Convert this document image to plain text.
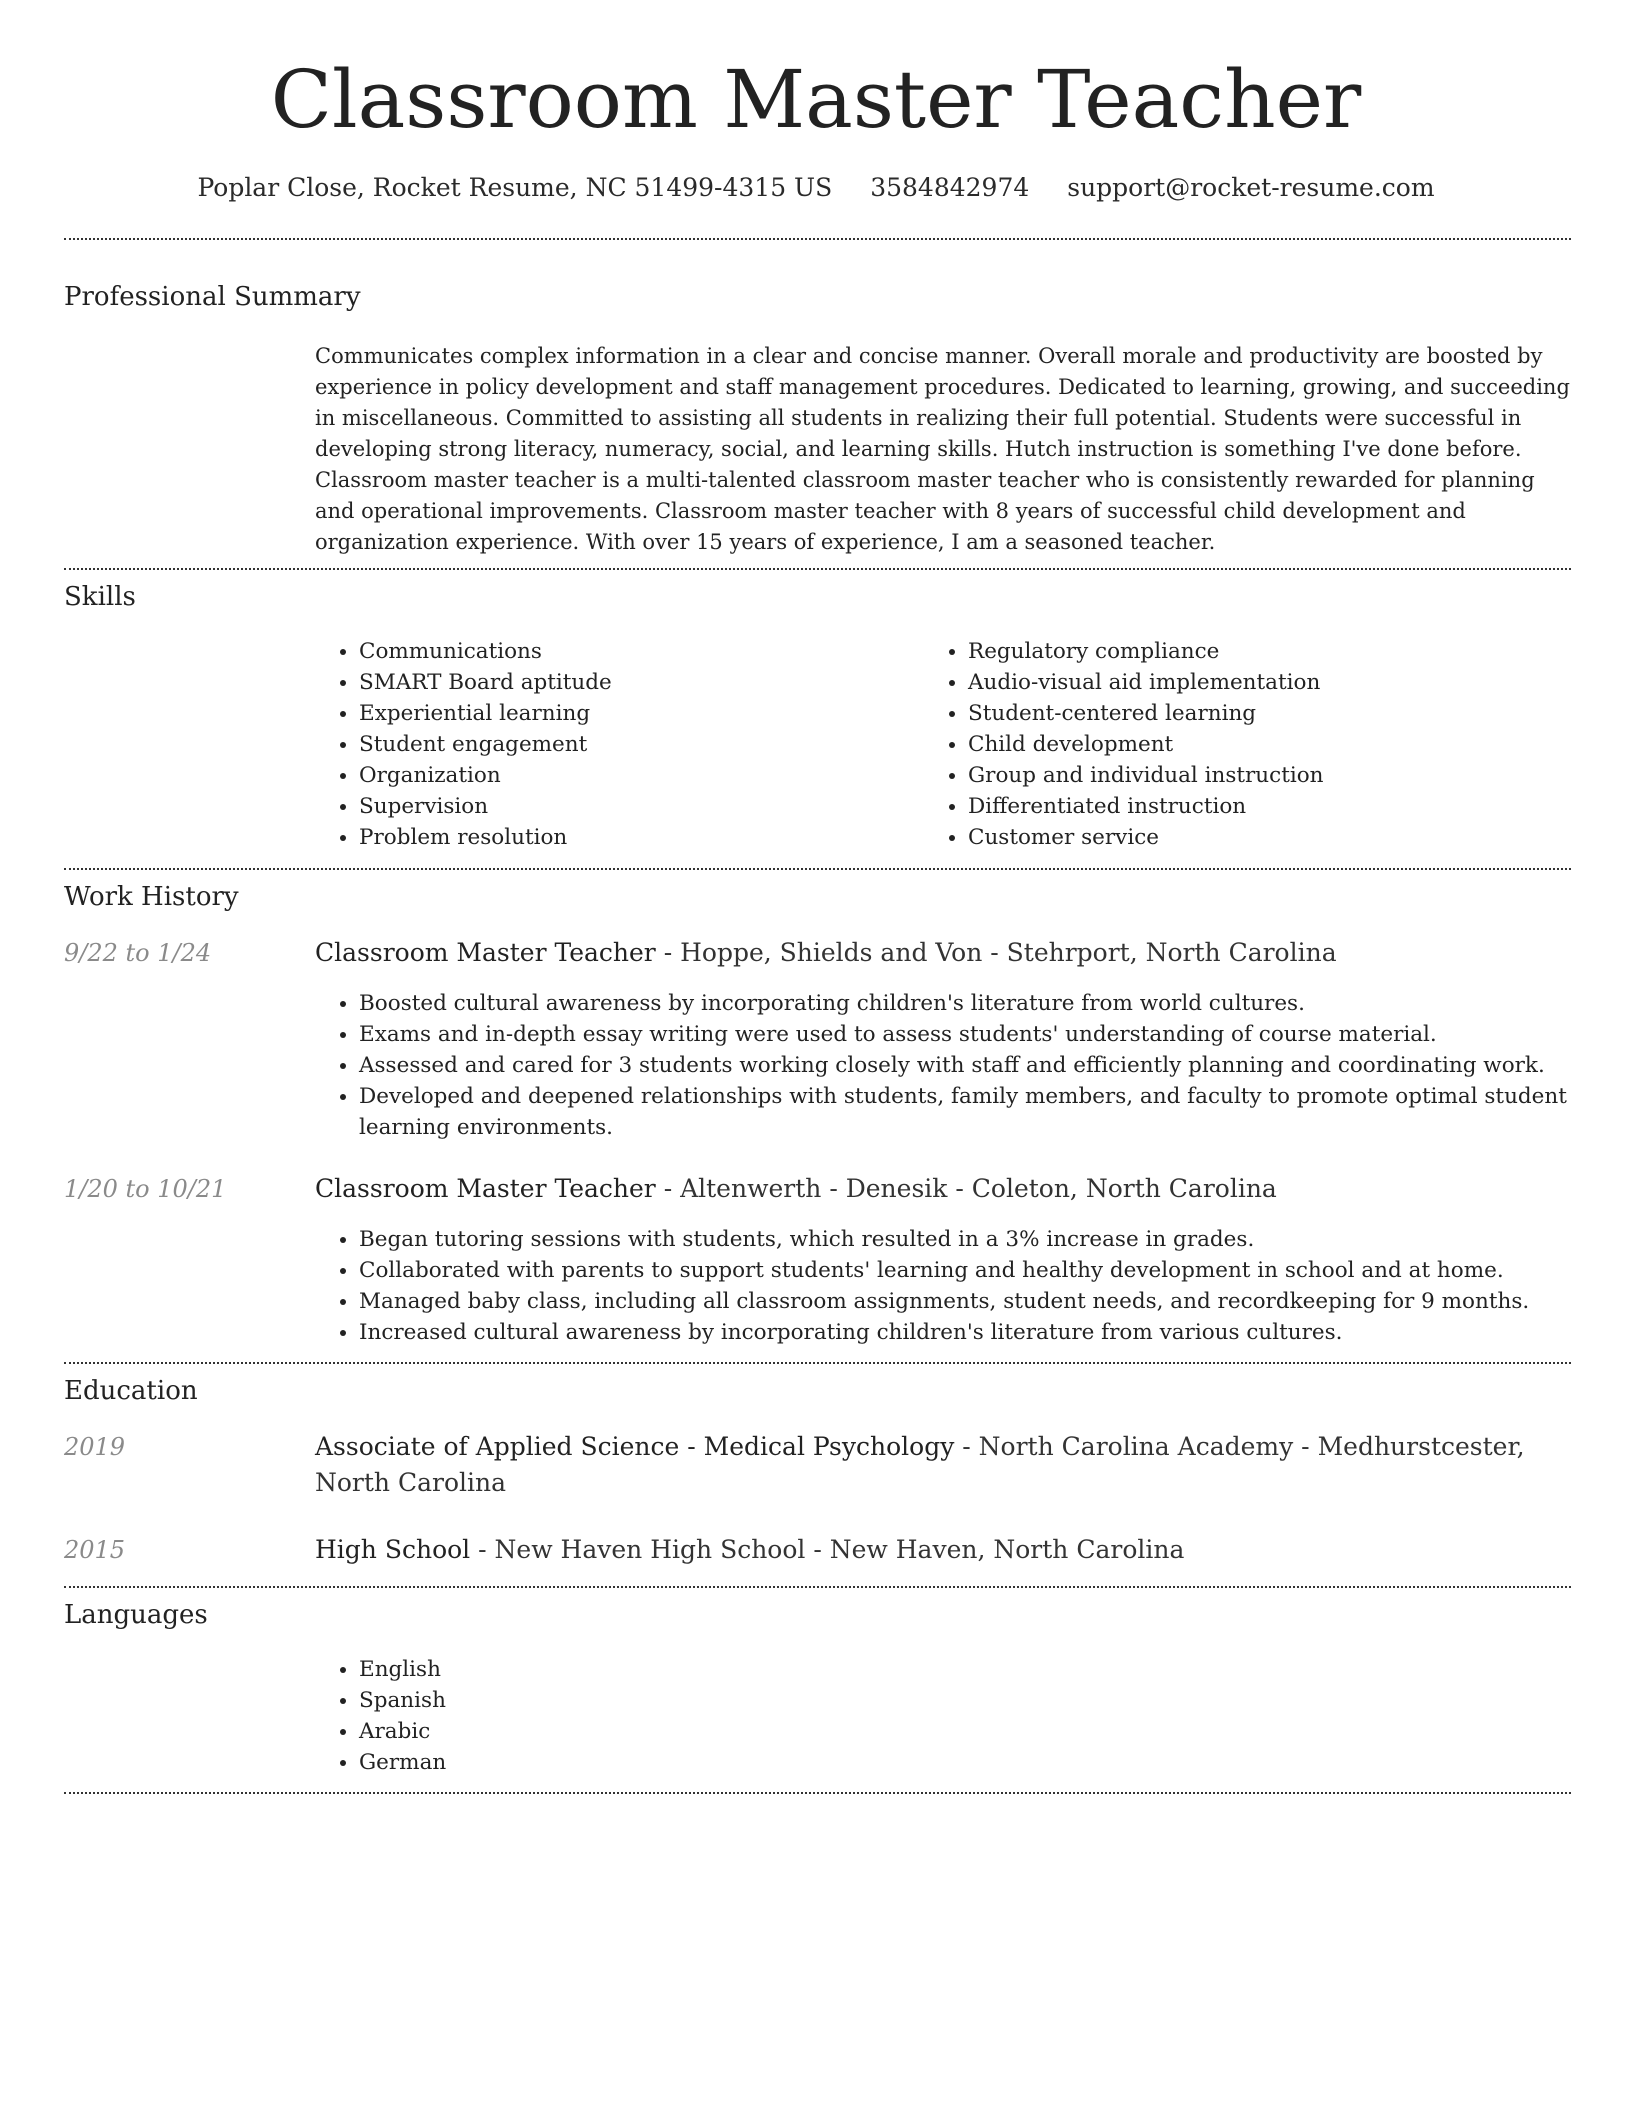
Classroom Master Teacher
Poplar Close, Rocket Resume, NC 51499-4315 US 3584842974 support@rocket-resume.com
Professional Summary
Communicates complex information in a clear and concise manner. Overall morale and productivity are boosted by experience in policy development and staff management procedures. Dedicated to learning, growing, and succeeding in miscellaneous. Committed to assisting all students in realizing their full potential. Students were successful in developing strong literacy, numeracy, social, and learning skills. Hutch instruction is something I've done before. Classroom master teacher is a multi-talented classroom master teacher who is consistently rewarded for planning and operational improvements. Classroom master teacher with 8 years of successful child development and organization experience. With over 15 years of experience, I am a seasoned teacher.
Skills
• Communications
• SMART Board aptitude
• Experiential learning
• Student engagement
• Organization
• Supervision
• Problem resolution
• Regulatory compliance
• Audio-visual aid implementation
• Student-centered learning
• Child development
• Group and individual instruction
• Differentiated instruction
• Customer service
Work History
9/22 to 1/24	Classroom Master Teacher - Hoppe, Shields and Von - Stehrport, North Carolina
• Boosted cultural awareness by incorporating children's literature from world cultures.
• Exams and in-depth essay writing were used to assess students' understanding of course material.
• Assessed and cared for 3 students working closely with staff and efficiently planning and coordinating work.
• Developed and deepened relationships with students, family members, and faculty to promote optimal student learning environments.
1/20 to 10/21	Classroom Master Teacher - Altenwerth - Denesik - Coleton, North Carolina
• Began tutoring sessions with students, which resulted in a 3% increase in grades.
• Collaborated with parents to support students' learning and healthy development in school and at home.
• Managed baby class, including all classroom assignments, student needs, and recordkeeping for 9 months.
• Increased cultural awareness by incorporating children's literature from various cultures.
Education
2019	Associate of Applied Science - Medical Psychology - North Carolina Academy - Medhurstcester, North Carolina
2015	High School - New Haven High School - New Haven, North Carolina
Languages
• English
• Spanish
• Arabic
• German
